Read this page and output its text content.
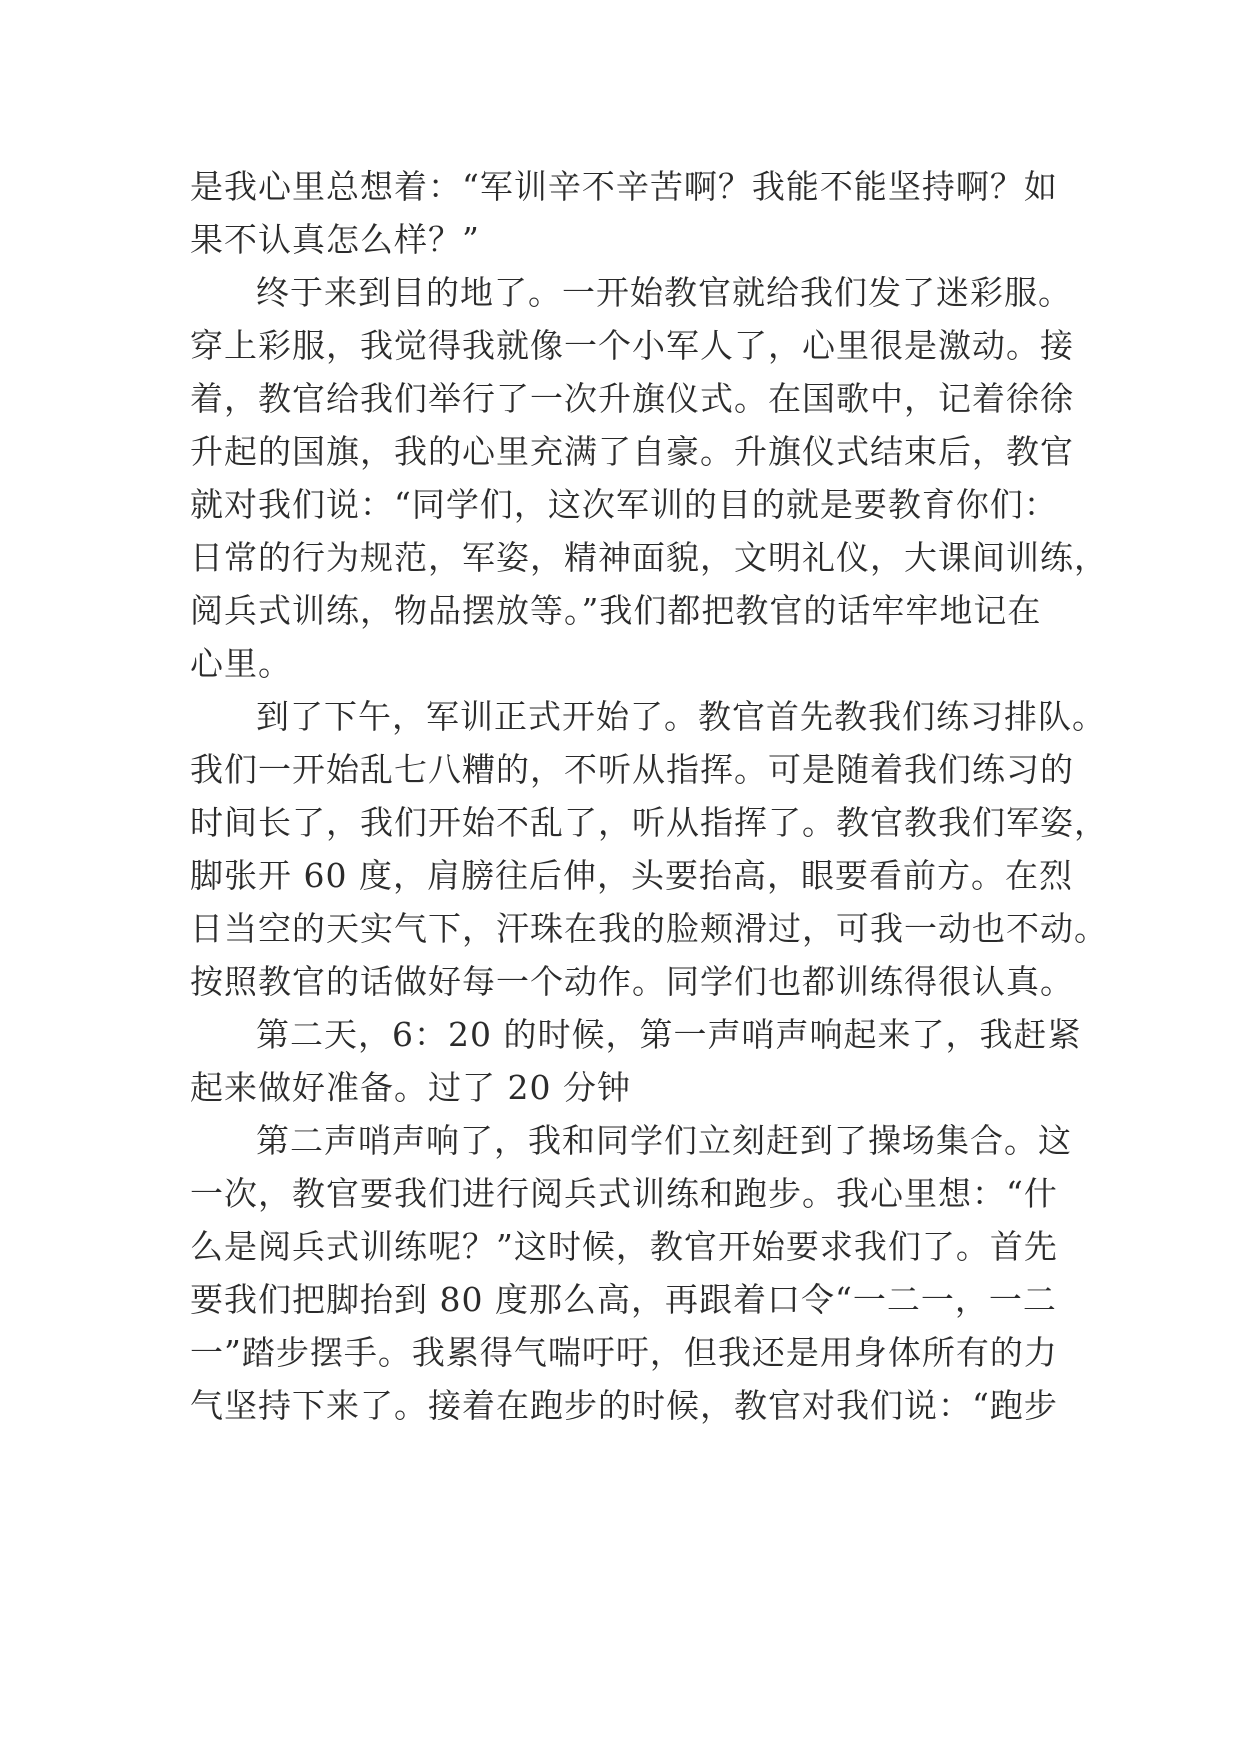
是我心里总想着：“军训辛不辛苦啊？我能不能坚持啊？如
果不认真怎么样？”
终于来到目的地了。一开始教官就给我们发了迷彩服。
穿上彩服，我觉得我就像一个小军人了，心里很是激动。接
着，教官给我们举行了一次升旗仪式。在国歌中，记着徐徐
升起的国旗，我的心里充满了自豪。升旗仪式结束后，教官
就对我们说：“同学们，这次军训的目的就是要教育你们：
日常的行为规范，军姿，精神面貌，文明礼仪，大课间训练，
阅兵式训练，物品摆放等。”我们都把教官的话牢牢地记在
心里。
到了下午，军训正式开始了。教官首先教我们练习排队。
我们一开始乱七八糟的，不听从指挥。可是随着我们练习的
时间长了，我们开始不乱了，听从指挥了。教官教我们军姿，
脚张开 60 度，肩膀往后伸，头要抬高，眼要看前方。在烈
日当空的天实气下，汗珠在我的脸颊滑过，可我一动也不动。
按照教官的话做好每一个动作。同学们也都训练得很认真。
第二天，6：20 的时候，第一声哨声响起来了，我赶紧
起来做好准备。过了 20 分钟
第二声哨声响了，我和同学们立刻赶到了操场集合。这
一次，教官要我们进行阅兵式训练和跑步。我心里想：“什
么是阅兵式训练呢？”这时候，教官开始要求我们了。首先
要我们把脚抬到 80 度那么高，再跟着口令“一二一，一二
一”踏步摆手。我累得气喘吁吁，但我还是用身体所有的力
气坚持下来了。接着在跑步的时候，教官对我们说：“跑步
